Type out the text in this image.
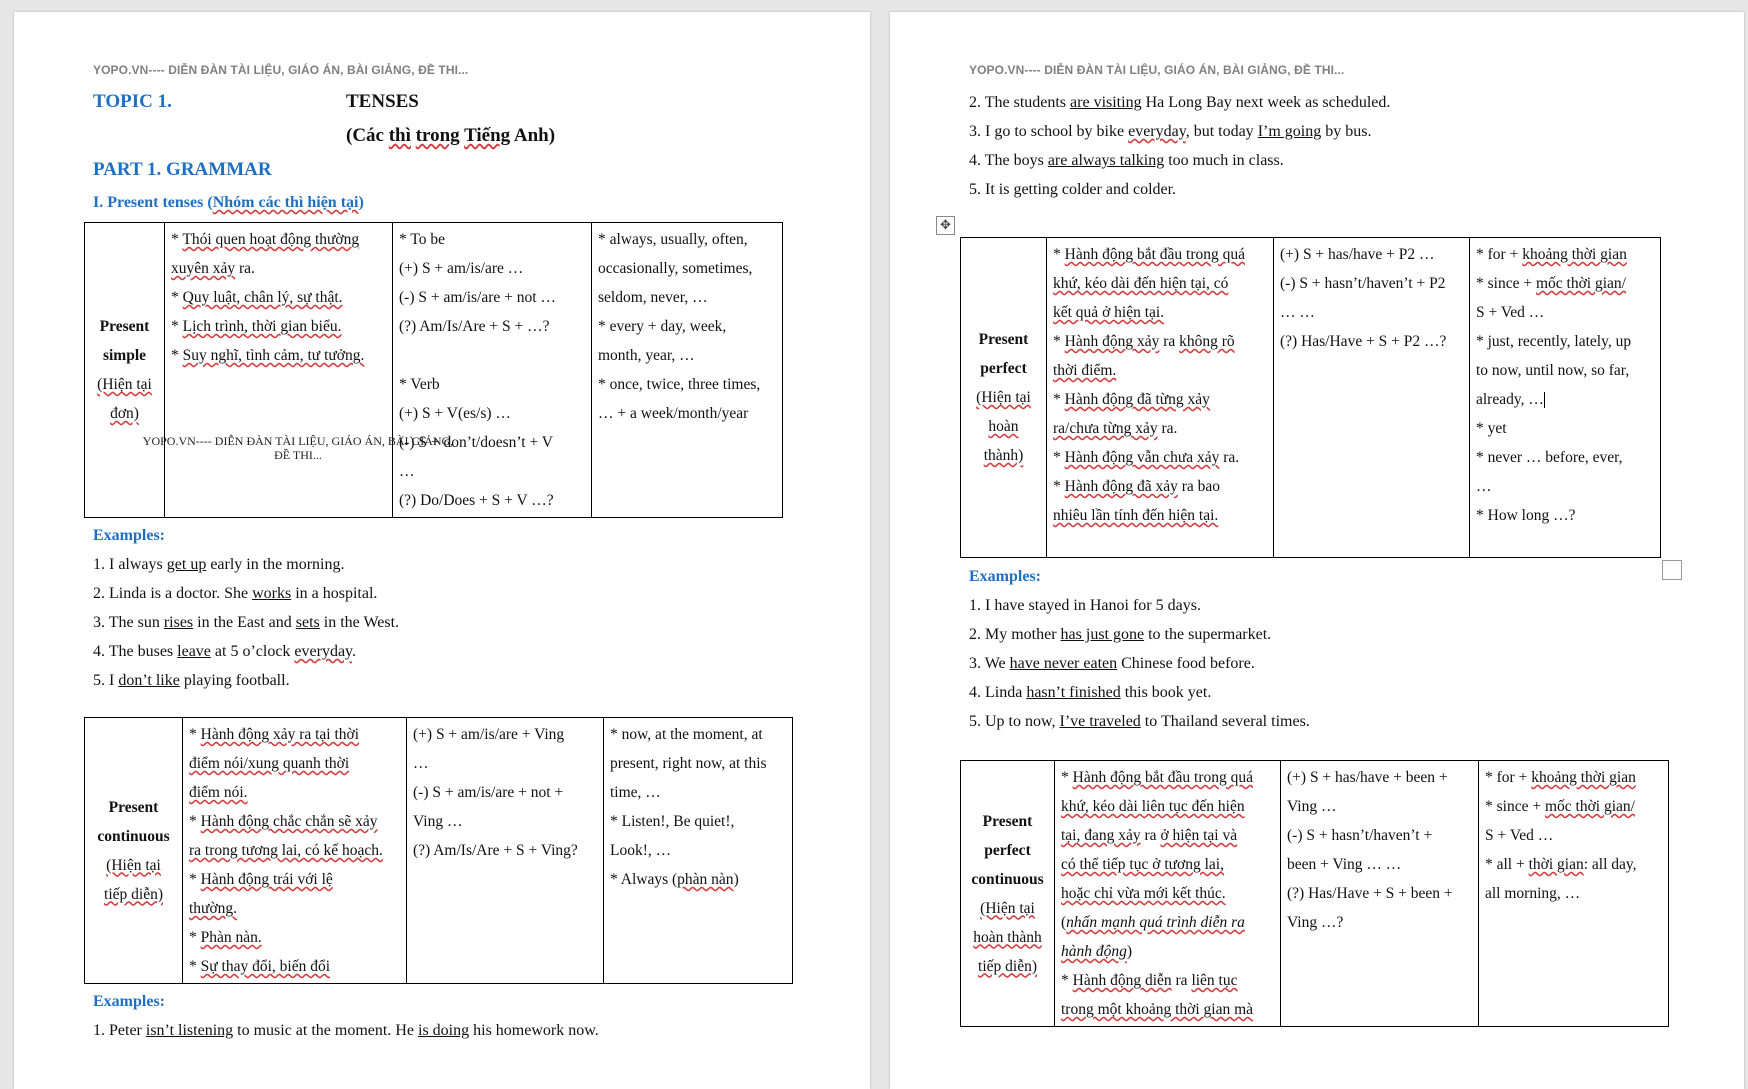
YOPO.VN---- DIỄN ĐÀN TÀI LIỆU, GIÁO ÁN, BÀI GIẢNG, ĐỀ THI...
TOPIC 1.	TENSES
(Các thì trong Tiếng Anh)
PART 1. GRAMMAR
I. Present tenses (Nhóm các thì hiện tại)
Present
simple
(Hiện tại
đơn)

* Thói quen hoạt động thường
xuyên xảy ra.
* Quy luật, chân lý, sự thật.
* Lịch trình, thời gian biểu.
* Suy nghĩ, tình cảm, tư tưởng.

* To be
(+) S + am/is/are …
(-) S + am/is/are + not …
(?) Am/Is/Are + S + …?

* Verb
(+) S + V(es/s) …
(-) S + don’t/doesn’t + V
…
(?) Do/Does + S + V …?

* always, usually, often,
occasionally, sometimes,
seldom, never, …
* every + day, week,
month, year, …
* once, twice, three times,
… + a week/month/year
YOPO.VN---- DIỄN ĐÀN TÀI LIỆU, GIÁO ÁN, BÀI GIẢNG, ĐỀ THI...
Examples:
1. I always get up early in the morning.
2. Linda is a doctor. She works in a hospital.
3. The sun rises in the East and sets in the West.
4. The buses leave at 5 o’clock everyday.
5. I don’t like playing football.
Present
continuous
(Hiện tại
tiếp diễn)

* Hành động xảy ra tại thời
điểm nói/xung quanh thời
điểm nói.
* Hành động chắc chắn sẽ xảy
ra trong tương lai, có kế hoạch.
* Hành động trái với lệ
thường.
* Phàn nàn.
* Sự thay đổi, biến đổi

(+) S + am/is/are + Ving
…
(-) S + am/is/are + not +
Ving …
(?) Am/Is/Are + S + Ving?

* now, at the moment, at
present, right now, at this
time, …
* Listen!, Be quiet!,
Look!, …
* Always (phàn nàn)
Examples:
1. Peter isn’t listening to music at the moment. He is doing his homework now.
YOPO.VN---- DIỄN ĐÀN TÀI LIỆU, GIÁO ÁN, BÀI GIẢNG, ĐỀ THI...
2. The students are visiting Ha Long Bay next week as scheduled.
3. I go to school by bike everyday, but today I’m going by bus.
4. The boys are always talking too much in class.
5. It is getting colder and colder.
✥
Present
perfect
(Hiện tại
hoàn
thành)

* Hành động bắt đầu trong quá
khứ, kéo dài đến hiện tại, có
kết quả ở hiện tại.
* Hành động xảy ra không rõ
thời điểm.
* Hành động đã từng xảy
ra/chưa từng xảy ra.
* Hành động vẫn chưa xảy ra.
* Hành động đã xảy ra bao
nhiêu lần tính đến hiện tại.

(+) S + has/have + P2 …
(-) S + hasn’t/haven’t + P2
… …
(?) Has/Have + S + P2 …?

* for + khoảng thời gian
* since + mốc thời gian/
S + Ved …
* just, recently, lately, up
to now, until now, so far,
already, …
* yet
* never … before, ever,
…
* How long …?
Examples:
1. I have stayed in Hanoi for 5 days.
2. My mother has just gone to the supermarket.
3. We have never eaten Chinese food before.
4. Linda hasn’t finished this book yet.
5. Up to now, I’ve traveled to Thailand several times.
Present
perfect
continuous
(Hiện tại
hoàn thành
tiếp diễn)

* Hành động bắt đầu trong quá
khứ, kéo dài liên tục đến hiện
tại, đang xảy ra ở hiện tại và
có thể tiếp tục ở tương lai,
hoặc chỉ vừa mới kết thúc.
(nhấn mạnh quá trình diễn ra
hành động)
* Hành động diễn ra liên tục
trong một khoảng thời gian mà

(+) S + has/have + been +
Ving …
(-) S + hasn’t/haven’t +
been + Ving … …
(?) Has/Have + S + been +
Ving …?

* for + khoảng thời gian
* since + mốc thời gian/
S + Ved …
* all + thời gian: all day,
all morning, …
